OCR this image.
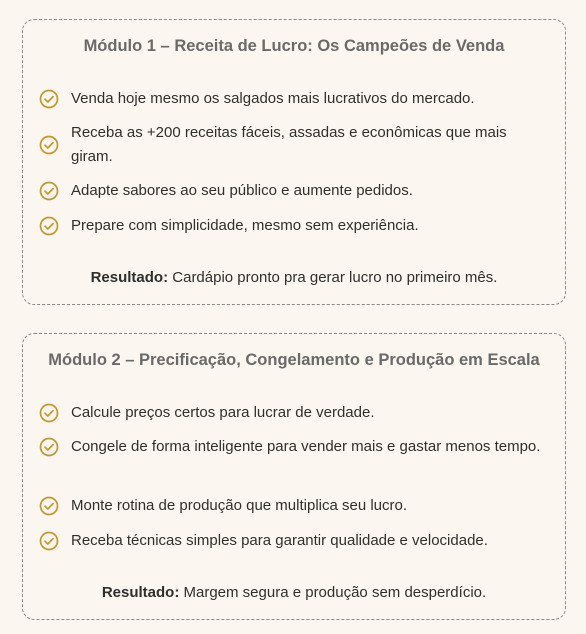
Módulo 1 – Receita de Lucro: Os Campeões de Venda
Venda hoje mesmo os salgados mais lucrativos do mercado.
Receba as +200 receitas fáceis, assadas e econômicas que mais giram.
Adapte sabores ao seu público e aumente pedidos.
Prepare com simplicidade, mesmo sem experiência.
Resultado: Cardápio pronto pra gerar lucro no primeiro mês.
Módulo 2 – Precificação, Congelamento e Produção em Escala
Calcule preços certos para lucrar de verdade.
Congele de forma inteligente para vender mais e gastar menos tempo.
Monte rotina de produção que multiplica seu lucro.
Receba técnicas simples para garantir qualidade e velocidade.
Resultado: Margem segura e produção sem desperdício.
